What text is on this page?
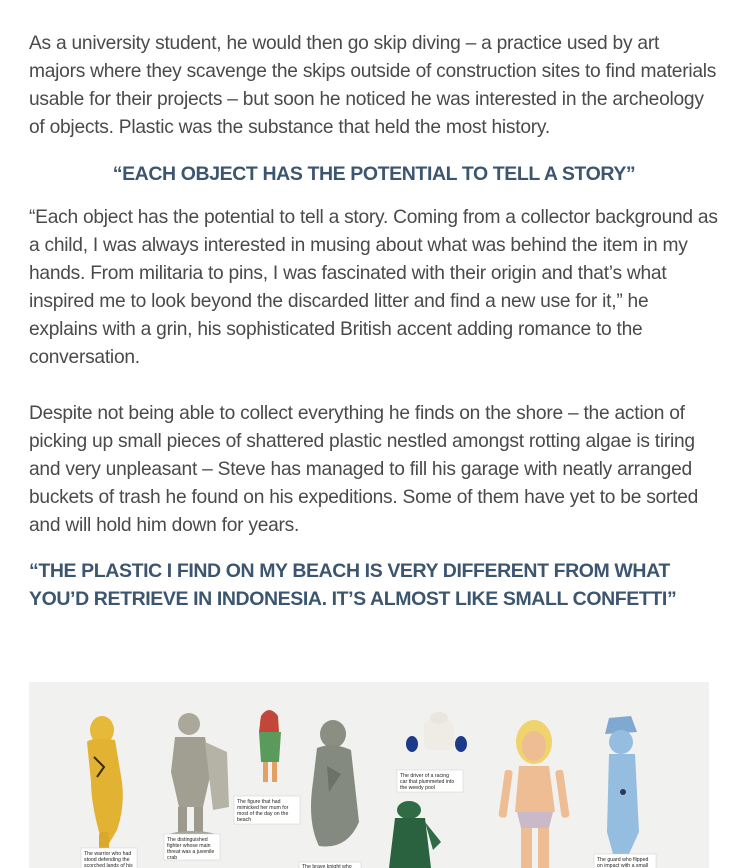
As a university student, he would then go skip diving – a practice used by art majors where they scavenge the skips outside of construction sites to find materials usable for their projects – but soon he noticed he was interested in the archeology of objects. Plastic was the substance that held the most history.

“EACH OBJECT HAS THE POTENTIAL TO TELL A STORY”

“Each object has the potential to tell a story. Coming from a collector background as a child, I was always interested in musing about what was behind the item in my hands. From militaria to pins, I was fascinated with their origin and that’s what inspired me to look beyond the discarded litter and find a new use for it,” he explains with a grin, his sophisticated British accent adding romance to the conversation.

Despite not being able to collect everything he finds on the shore – the action of picking up small pieces of shattered plastic nestled amongst rotting algae is tiring and very unpleasant – Steve has managed to fill his garage with neatly arranged buckets of trash he found on his expeditions. Some of them have yet to be sorted and will hold him down for years.

“THE PLASTIC I FIND ON MY BEACH IS VERY DIFFERENT FROM WHAT YOU’D RETRIEVE IN INDONESIA. IT’S ALMOST LIKE SMALL CONFETTI”
The warrior who had
stood defending the
scorched lands of his
The distinguished
fighter whose main
threat was a juvenile
crab
The figure that had
mimicked her mum for
most of the day on the
beach
The driver of a racing
car that plummeted into
the weedy pool
The brave knight who
The guard who flipped
on impact with a small
